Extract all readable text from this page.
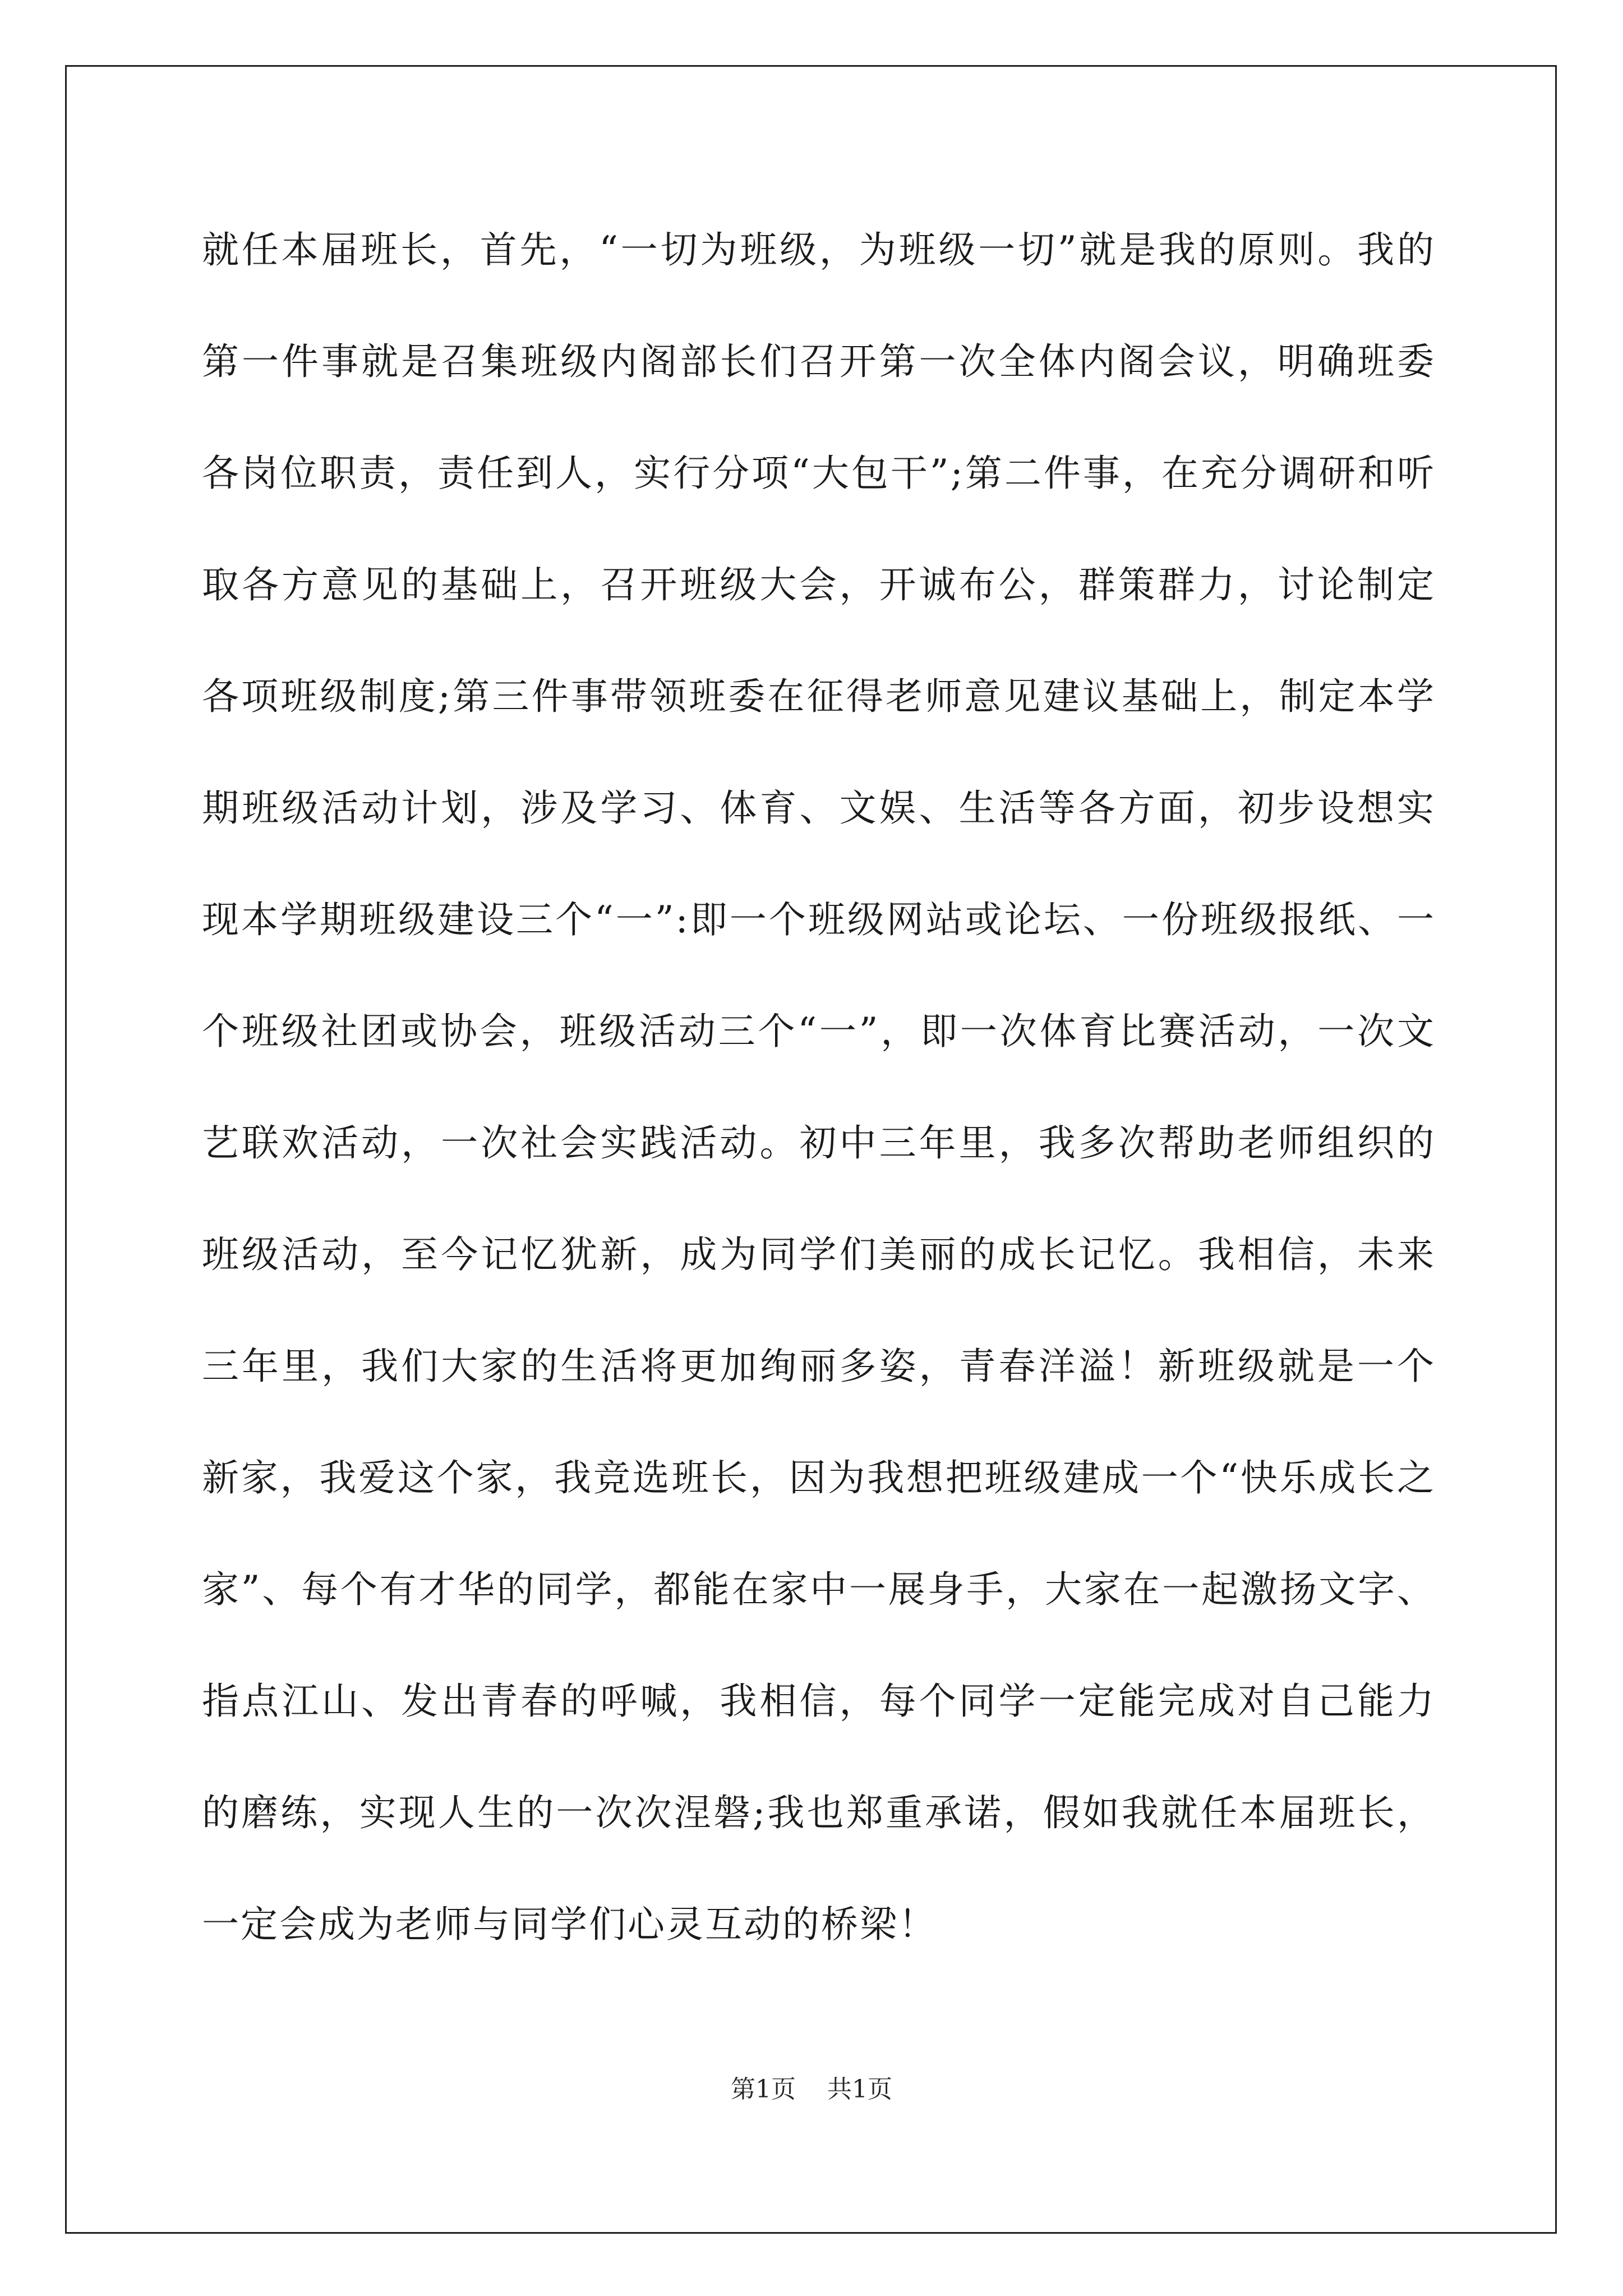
就任本届班长，首先，“一切为班级，为班级一切”就是我的原则。我的第一件事就是召集班级内阁部长们召开第一次全体内阁会议，明确班委各岗位职责，责任到人，实行分项“大包干”;第二件事，在充分调研和听取各方意见的基础上，召开班级大会，开诚布公，群策群力，讨论制定各项班级制度;第三件事带领班委在征得老师意见建议基础上，制定本学期班级活动计划，涉及学习、体育、文娱、生活等各方面，初步设想实现本学期班级建设三个“一”:即一个班级网站或论坛、一份班级报纸、一个班级社团或协会，班级活动三个“一”，即一次体育比赛活动，一次文艺联欢活动，一次社会实践活动。初中三年里，我多次帮助老师组织的班级活动，至今记忆犹新，成为同学们美丽的成长记忆。我相信，未来三年里，我们大家的生活将更加绚丽多姿，青春洋溢！新班级就是一个新家，我爱这个家，我竞选班长，因为我想把班级建成一个“快乐成长之家”、每个有才华的同学，都能在家中一展身手，大家在一起激扬文字、指点江山、发出青春的呼喊，我相信，每个同学一定能完成对自己能力的磨练，实现人生的一次次涅磐;我也郑重承诺，假如我就任本届班长，一定会成为老师与同学们心灵互动的桥梁！

第1页 共1页
